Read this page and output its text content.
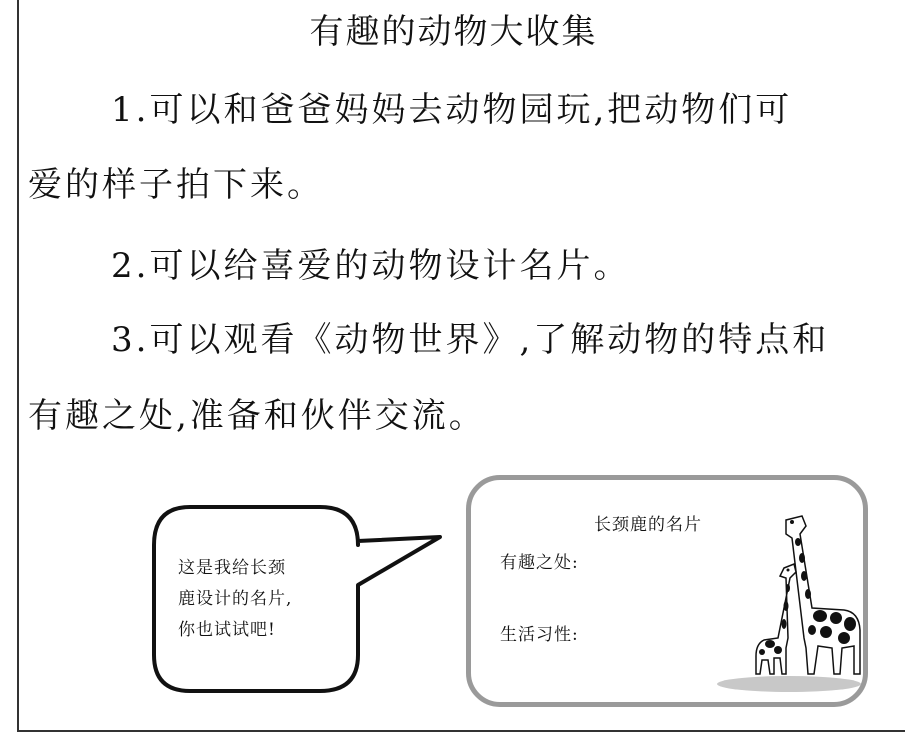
有趣的动物大收集
1.可以和爸爸妈妈去动物园玩,把动物们可
爱的样子拍下来。
2.可以给喜爱的动物设计名片。
3.可以观看《动物世界》,了解动物的特点和
有趣之处,准备和伙伴交流。
这是我给长颈
鹿设计的名片,
你也试试吧!
长颈鹿的名片
有趣之处:
生活习性:
